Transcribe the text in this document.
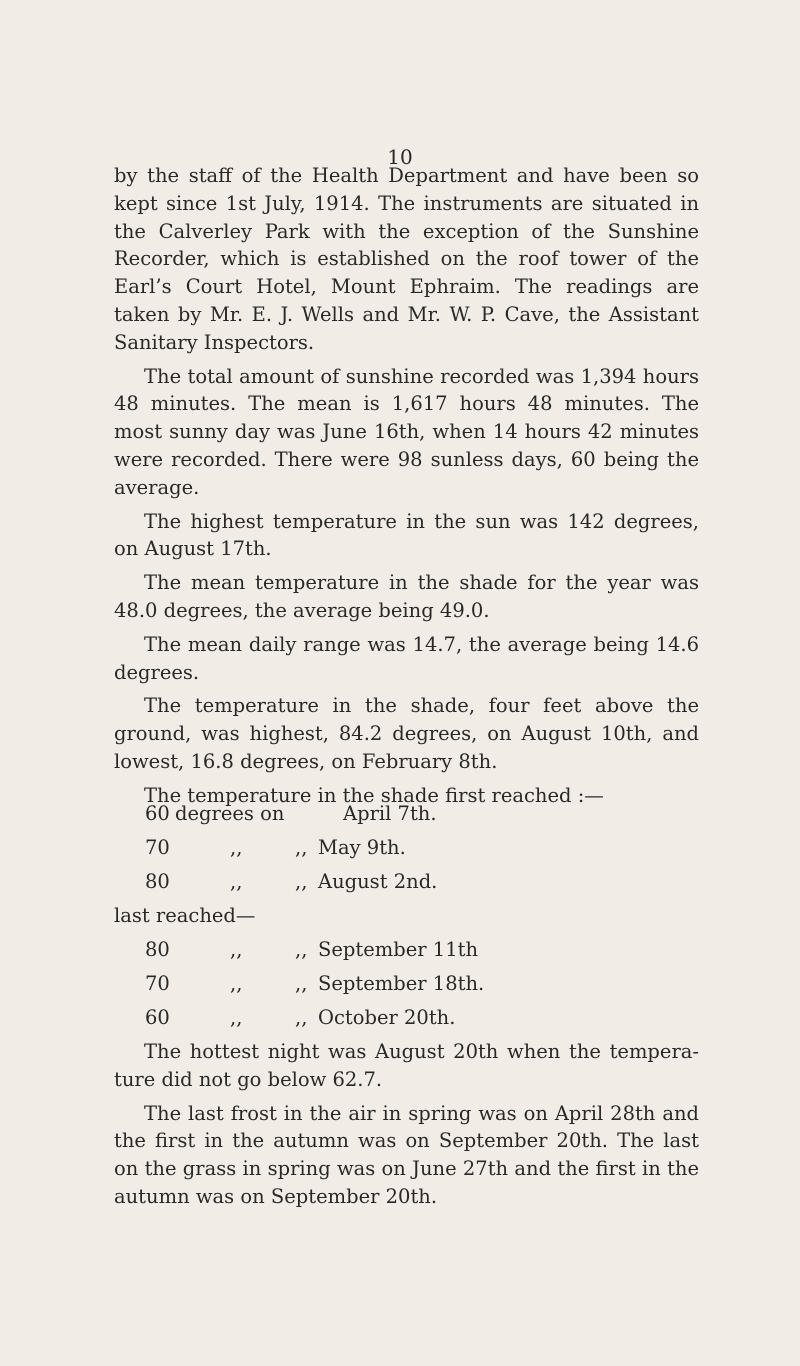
10

by the staff of the Health Department and have been so kept since 1st July, 1914. The instruments are situated in the Calverley Park with the exception of the Sunshine Recorder, which is established on the roof tower of the Earl’s Court Hotel, Mount Ephraim. The readings are taken by Mr. E. J. Wells and Mr. W. P. Cave, the Assistant Sanitary Inspectors.

The total amount of sunshine recorded was 1,394 hours 48 minutes. The mean is 1,617 hours 48 minutes. The most sunny day was June 16th, when 14 hours 42 minutes were recorded. There were 98 sunless days, 60 being the average.

The highest temperature in the sun was 142 degrees, on August 17th.

The mean temperature in the shade for the year was 48.0 degrees, the average being 49.0.

The mean daily range was 14.7, the average being 14.6 degrees.

The temperature in the shade, four feet above the ground, was highest, 84.2 degrees, on August 10th, and lowest, 16.8 degrees, on February 8th.

The temperature in the shade first reached :—

60 degrees on	April 7th.
70	,,	,, May 9th.
80	,,	,, August 2nd.
last reached—
80	,,	,, September 11th
70	,,	,, September 18th.
60	,,	,, October 20th.

The hottest night was August 20th when the tempera- ture did not go below 62.7.

The last frost in the air in spring was on April 28th and the first in the autumn was on September 20th. The last on the grass in spring was on June 27th and the first in the autumn was on September 20th.
